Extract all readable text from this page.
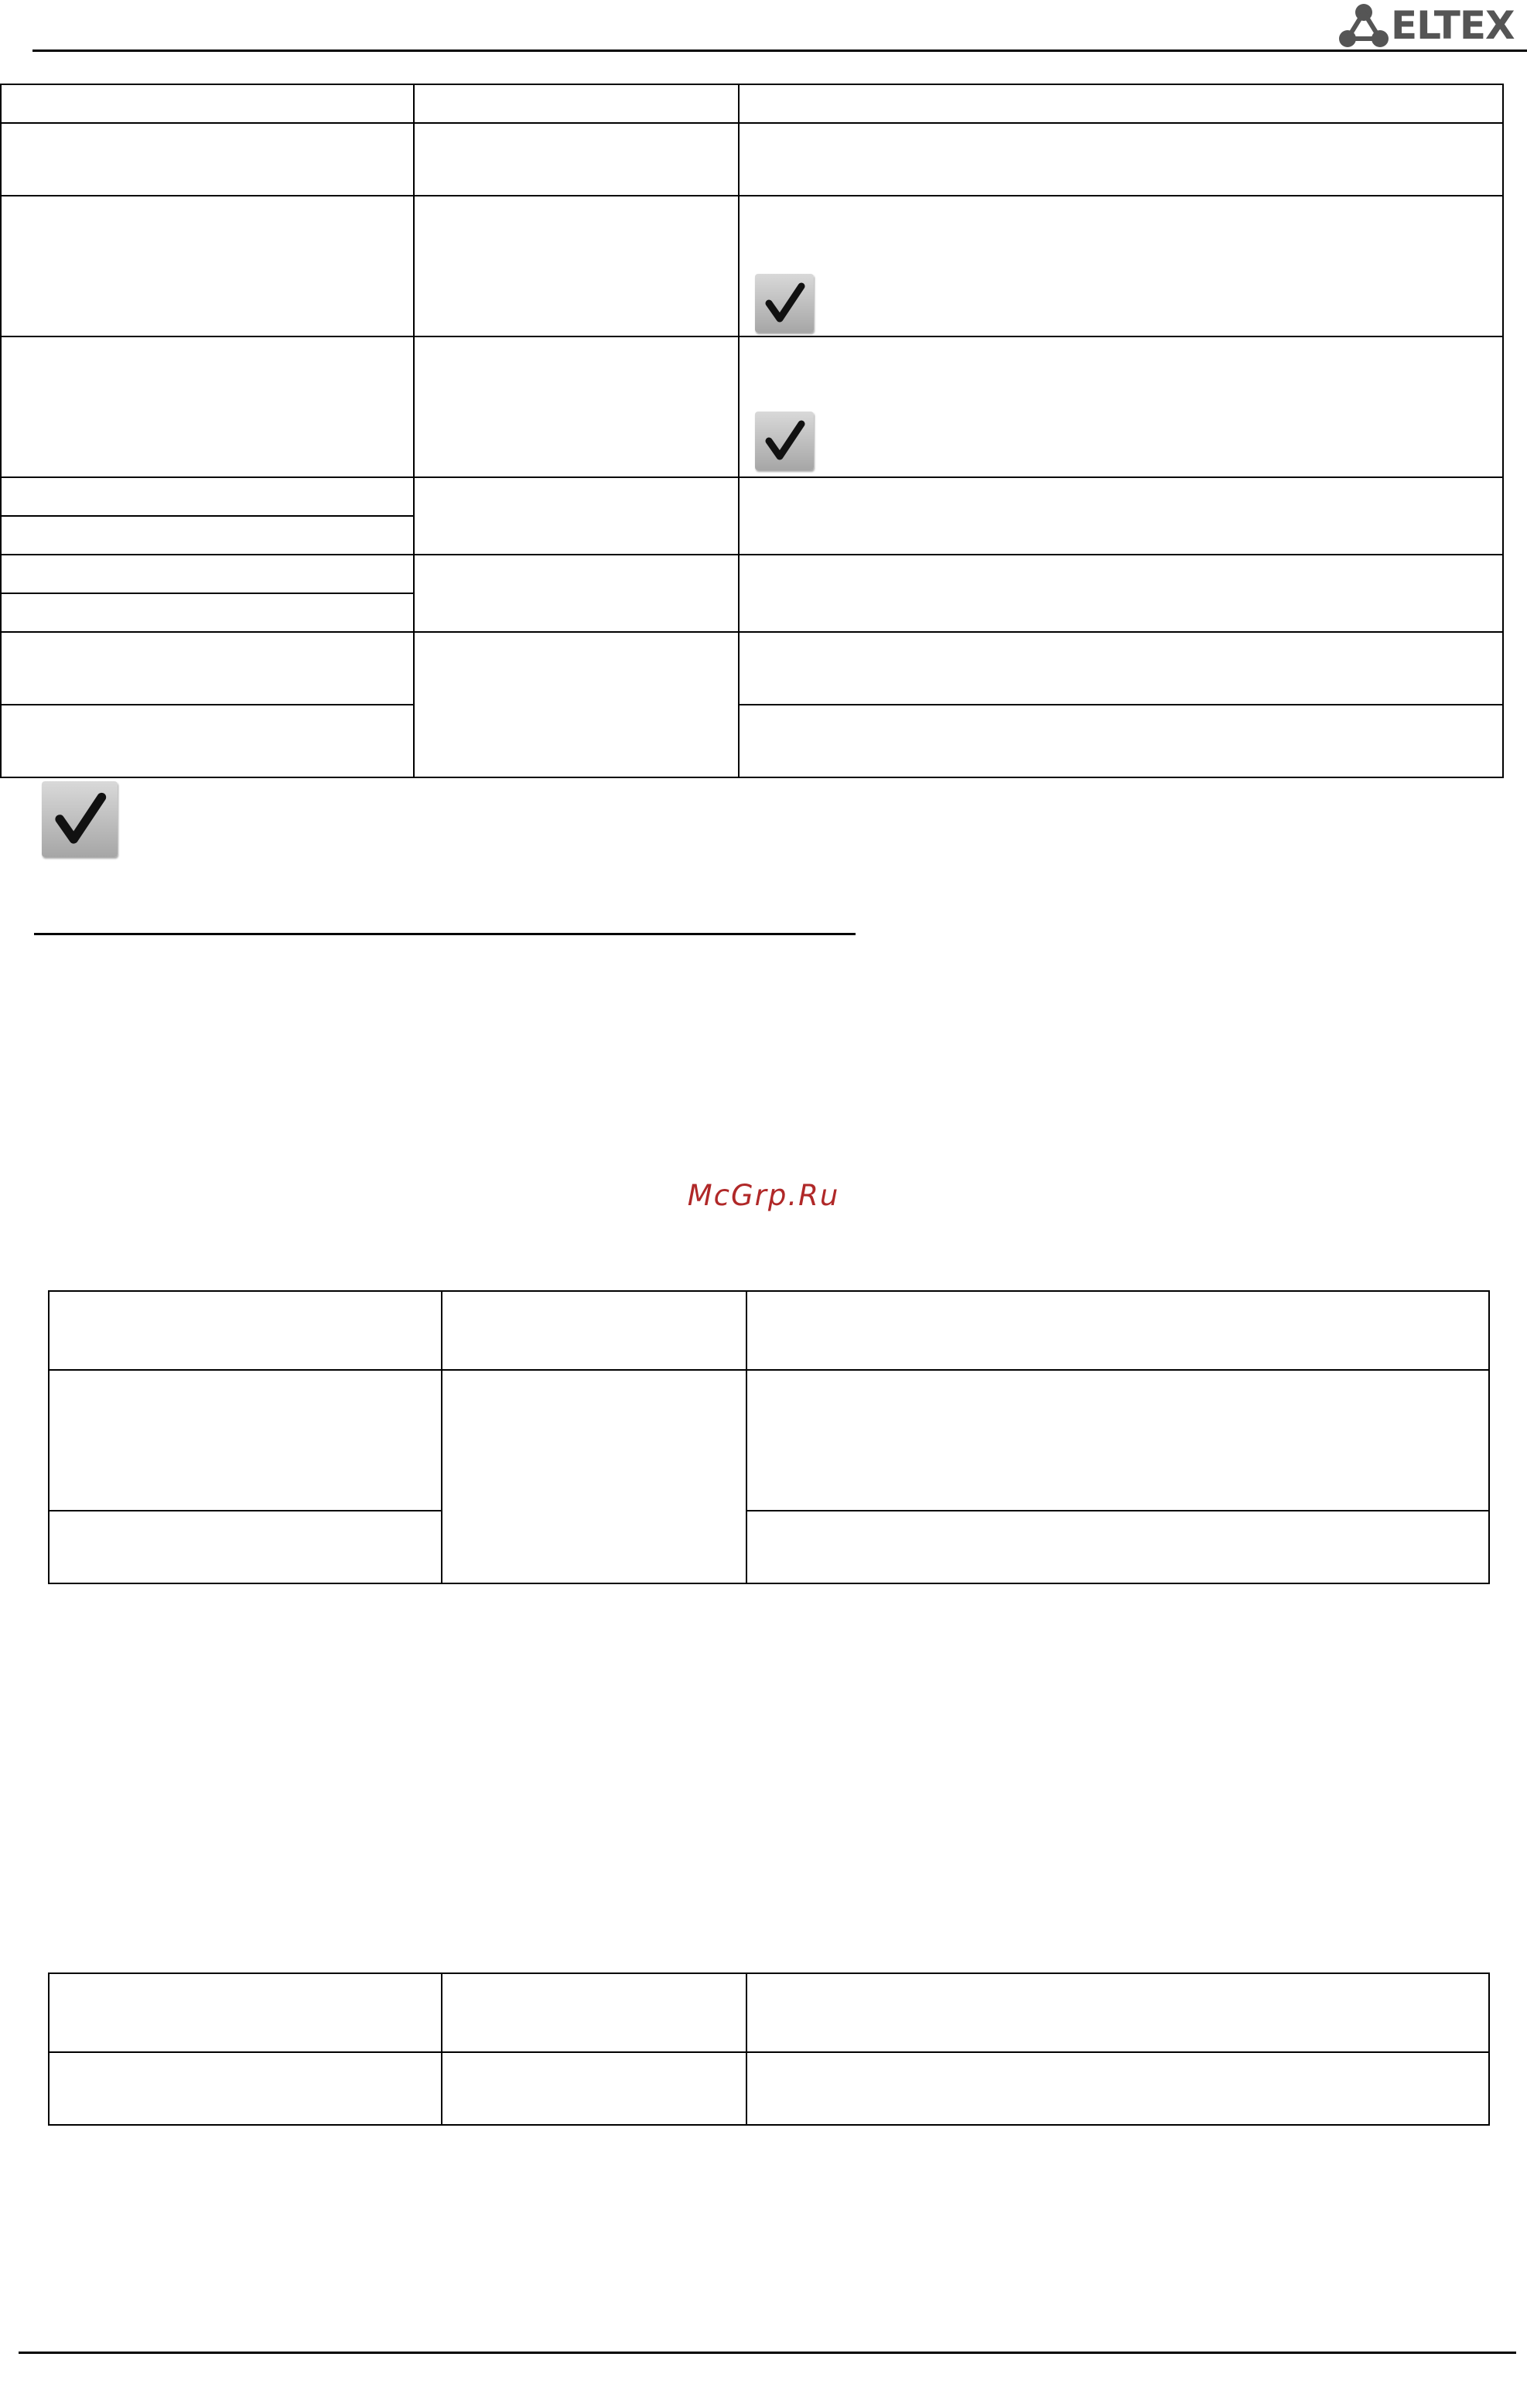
ELTEX
McGrp.Ru
